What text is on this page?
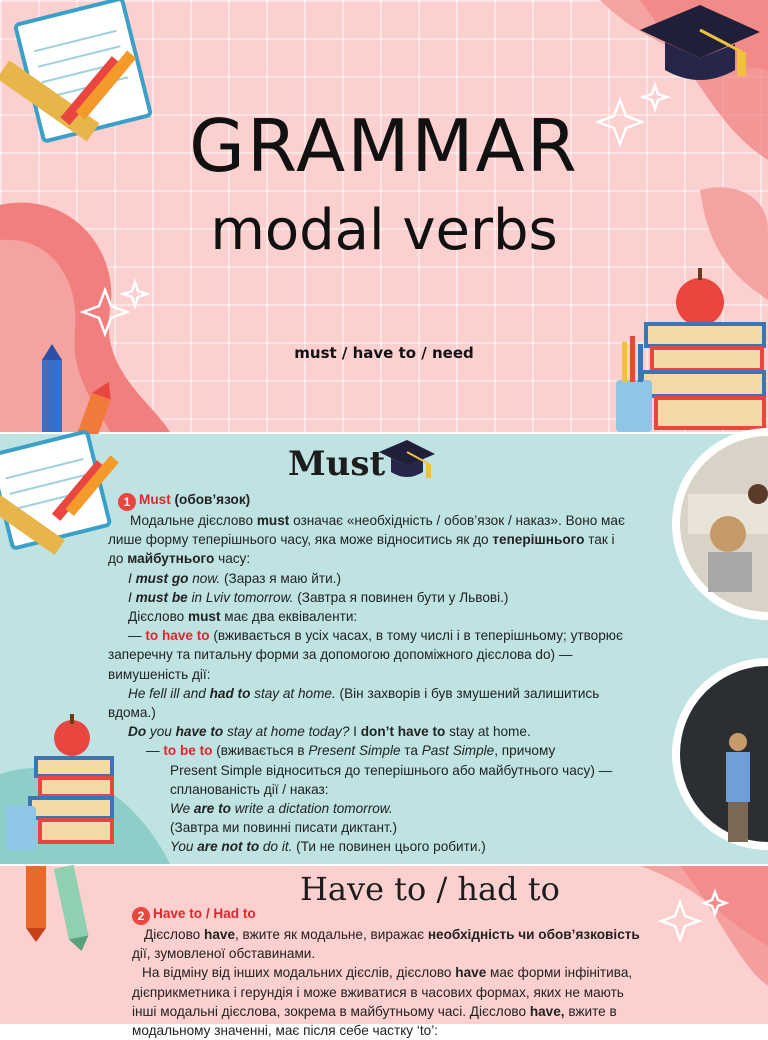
GRAMMAR
modal verbs
must / have to / need
Must

1 Must (обов’язок)

Модальне дієслово must означає «необхідність / обов’язок / наказ». Воно має

лише форму теперішнього часу, яка може відноситись як до теперішнього так і

до майбутнього часу:

I must go now. (Зараз я маю йти.)

I must be in Lviv tomorrow. (Завтра я повинен бути у Львові.)

Дієслово must має два еквіваленти:

— to have to (вживається в усіх часах, в тому числі і в теперішньому; утворює

заперечну та питальну форми за допомогою допоміжного дієслова do) —

вимушеність дії:

He fell ill and had to stay at home. (Він захворів і був змушений залишитись

вдома.)

Do you have to stay at home today? I don’t have to stay at home.

— to be to (вживається в Present Simple та Past Simple, причому

Present Simple відноситься до теперішнього або майбутнього часу) —

спланованість дії / наказ:

We are to write a dictation tomorrow.

(Завтра ми повинні писати диктант.)

You are not to do it. (Ти не повинен цього робити.)

Have to / had to

2 Have to / Had to

Дієслово have, вжите як модальне, виражає необхідність чи обов’язковість

дії, зумовленої обставинами.

На відміну від інших модальних дієслів, дієслово have має форми інфінітива,

дієприкметника і герундія і може вживатися в часових формах, яких не мають

інші модальні дієслова, зокрема в майбутньому часі. Дієслово have, вжите в

модальному значенні, має після себе частку ‘to’:
